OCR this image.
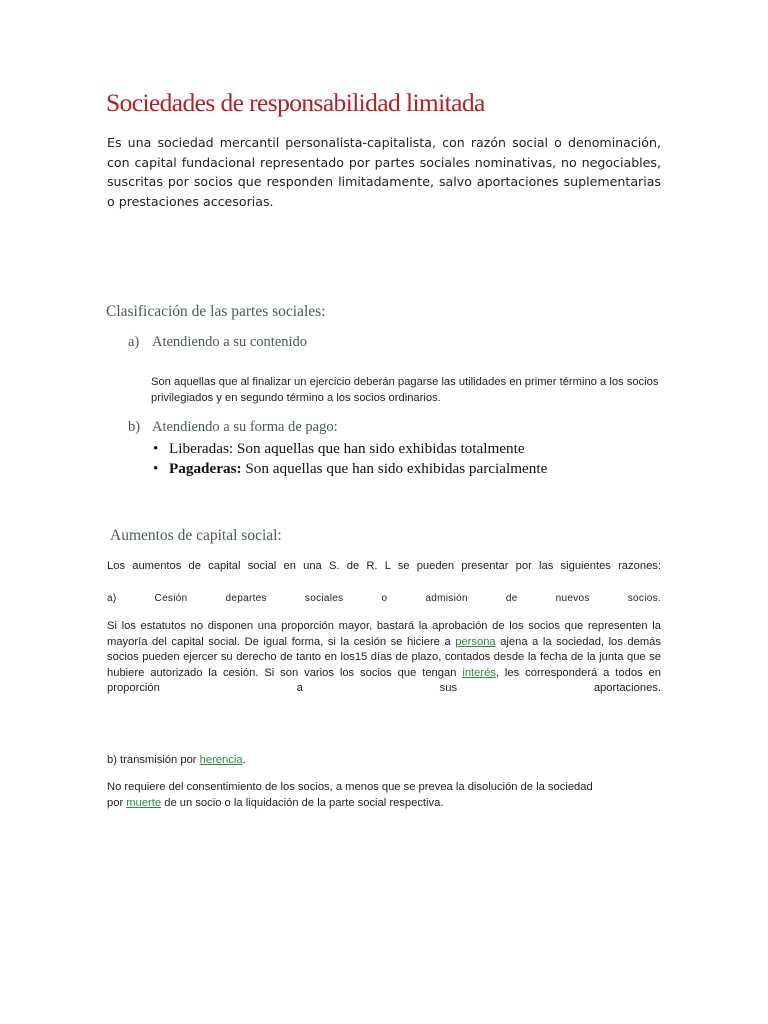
Sociedades de responsabilidad limitada
Es una sociedad mercantil personalista-capitalista, con razón social o denominación, con capital fundacional representado por partes sociales nominativas, no negociables, suscritas por socios que responden limitadamente, salvo aportaciones suplementarias o prestaciones accesorias.
Clasificación de las partes sociales:
a) Atendiendo a su contenido
Son aquellas que al finalizar un ejercicio deberán pagarse las utilidades en primer término a los socios privilegiados y en segundo término a los socios ordinarios.
b) Atendiendo a su forma de pago:
• Liberadas: Son aquellas que han sido exhibidas totalmente
• Pagaderas: Son aquellas que han sido exhibidas parcialmente
Aumentos de capital social:
Los aumentos de capital social en una S. de R. L se pueden presentar por las siguientes razones:
a)	Cesión	departes	sociales	o	admisión	de	nuevos	socios.
Si los estatutos no disponen una proporción mayor, bastará la aprobación de los socios que representen la mayoría del capital social. De igual forma, si la cesión se hiciere a persona ajena a la sociedad, los demás socios pueden ejercer su derecho de tanto en los15 días de plazo, contados desde la fecha de la junta que se hubiere autorizado la cesión. Si son varios los socios que tengan interés, les corresponderá a todos en proporción a sus aportaciones.
b) transmisión por herencia.
No requiere del consentimiento de los socios, a menos que se prevea la disolución de la sociedad
por muerte de un socio o la liquidación de la parte social respectiva.
